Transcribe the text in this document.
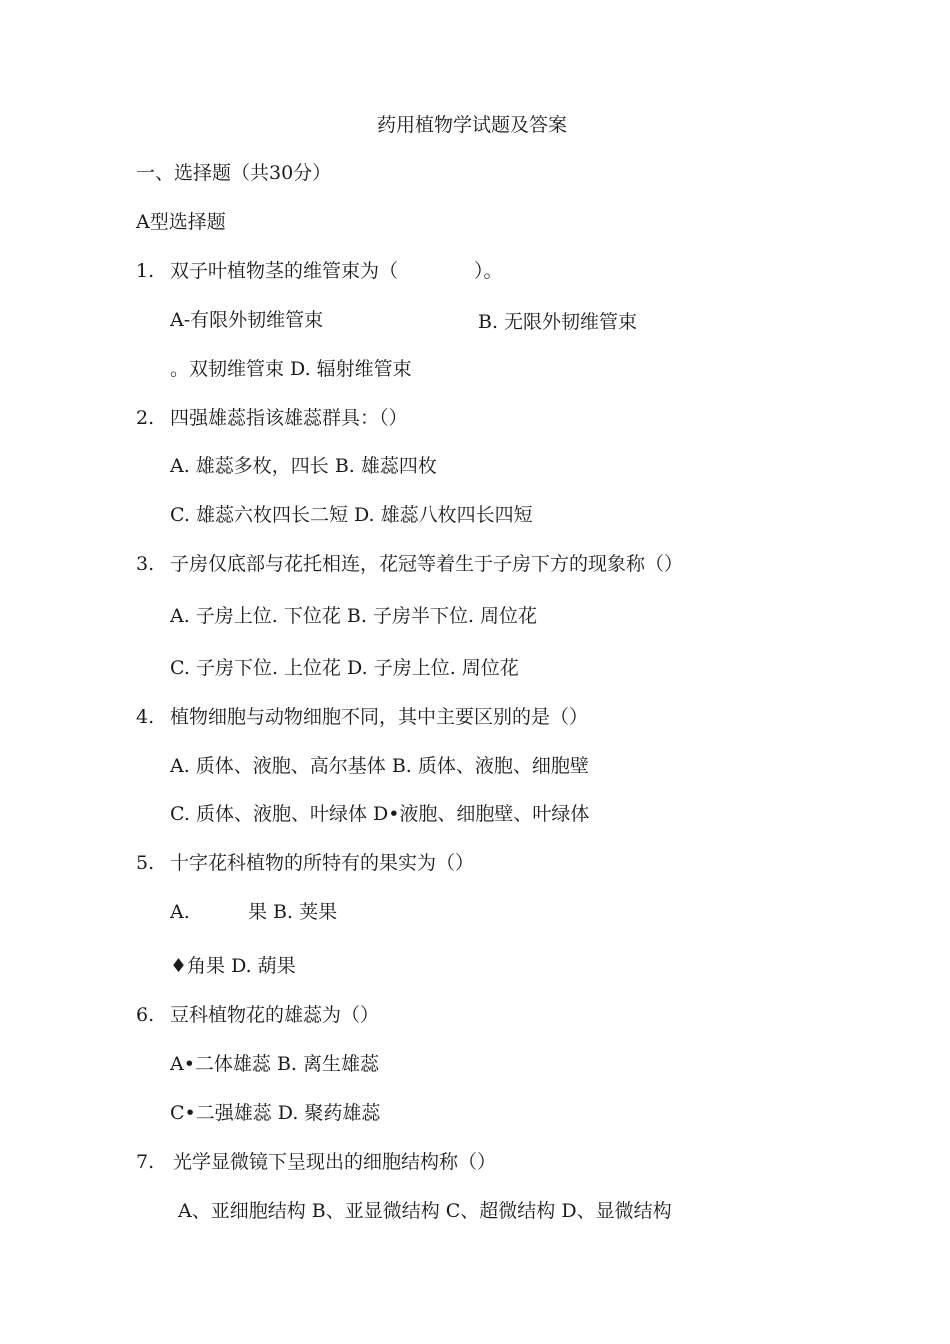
药用植物学试题及答案
一、选择题（共30分）
A型选择题
1. 双子叶植物茎的维管束为（　　　　）。
A-有限外韧维管束	B. 无限外韧维管束
。双韧维管束 D. 辐射维管束
2. 四强雄蕊指该雄蕊群具：（）
A. 雄蕊多枚，四长 B. 雄蕊四枚
C. 雄蕊六枚四长二短 D. 雄蕊八枚四长四短
3. 子房仅底部与花托相连，花冠等着生于子房下方的现象称（）
A. 子房上位. 下位花 B. 子房半下位. 周位花
C. 子房下位. 上位花 D. 子房上位. 周位花
4. 植物细胞与动物细胞不同，其中主要区别的是（）
A. 质体、液胞、高尔基体 B. 质体、液胞、细胞壁
C. 质体、液胞、叶绿体 D•液胞、细胞壁、叶绿体
5. 十字花科植物的所特有的果实为（）
A.	果 B. 荚果
♦角果 D. 葫果
6. 豆科植物花的雄蕊为（）
A•二体雄蕊 B. 离生雄蕊
C•二强雄蕊 D. 聚药雄蕊
7. 光学显微镜下呈现出的细胞结构称（）
A、亚细胞结构 B、亚显微结构 C、超微结构 D、显微结构
